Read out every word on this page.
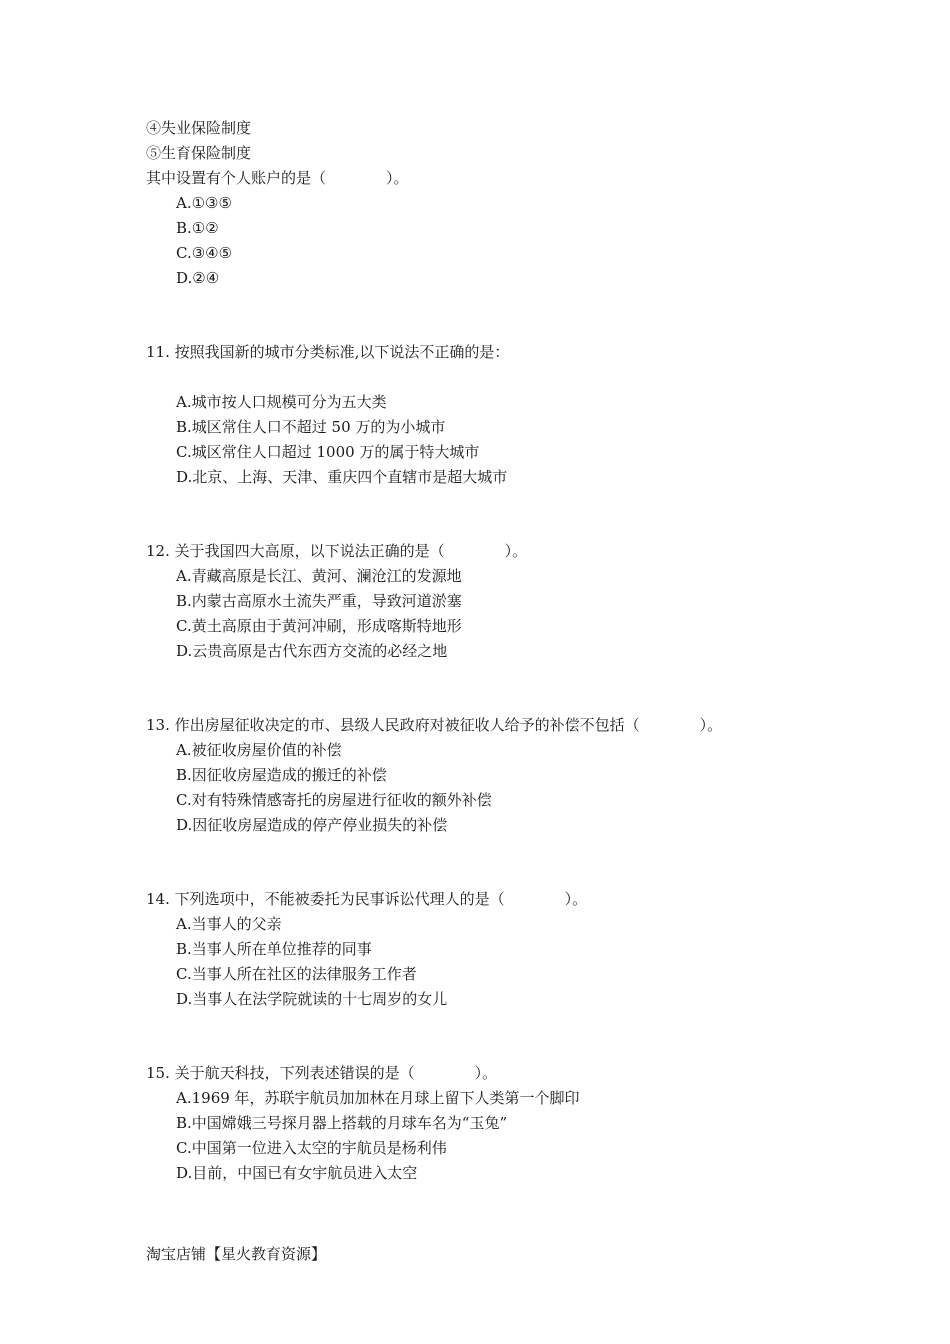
④失业保险制度
⑤生育保险制度
其中设置有个人账户的是（　　　　）。
A.①③⑤
B.①②
C.③④⑤
D.②④
11. 按照我国新的城市分类标准,以下说法不正确的是：
A.城市按人口规模可分为五大类
B.城区常住人口不超过 50 万的为小城市
C.城区常住人口超过 1000 万的属于特大城市
D.北京、上海、天津、重庆四个直辖市是超大城市
12. 关于我国四大高原，以下说法正确的是（　　　　）。
A.青藏高原是长江、黄河、澜沧江的发源地
B.内蒙古高原水土流失严重，导致河道淤塞
C.黄土高原由于黄河冲刷，形成喀斯特地形
D.云贵高原是古代东西方交流的必经之地
13. 作出房屋征收决定的市、县级人民政府对被征收人给予的补偿不包括（　　　　）。
A.被征收房屋价值的补偿
B.因征收房屋造成的搬迁的补偿
C.对有特殊情感寄托的房屋进行征收的额外补偿
D.因征收房屋造成的停产停业损失的补偿
14. 下列选项中，不能被委托为民事诉讼代理人的是（　　　　）。
A.当事人的父亲
B.当事人所在单位推荐的同事
C.当事人所在社区的法律服务工作者
D.当事人在法学院就读的十七周岁的女儿
15. 关于航天科技，下列表述错误的是（　　　　）。
A.1969 年，苏联宇航员加加林在月球上留下人类第一个脚印
B.中国嫦娥三号探月器上搭载的月球车名为“玉兔”
C.中国第一位进入太空的宇航员是杨利伟
D.目前，中国已有女宇航员进入太空
淘宝店铺【星火教育资源】
